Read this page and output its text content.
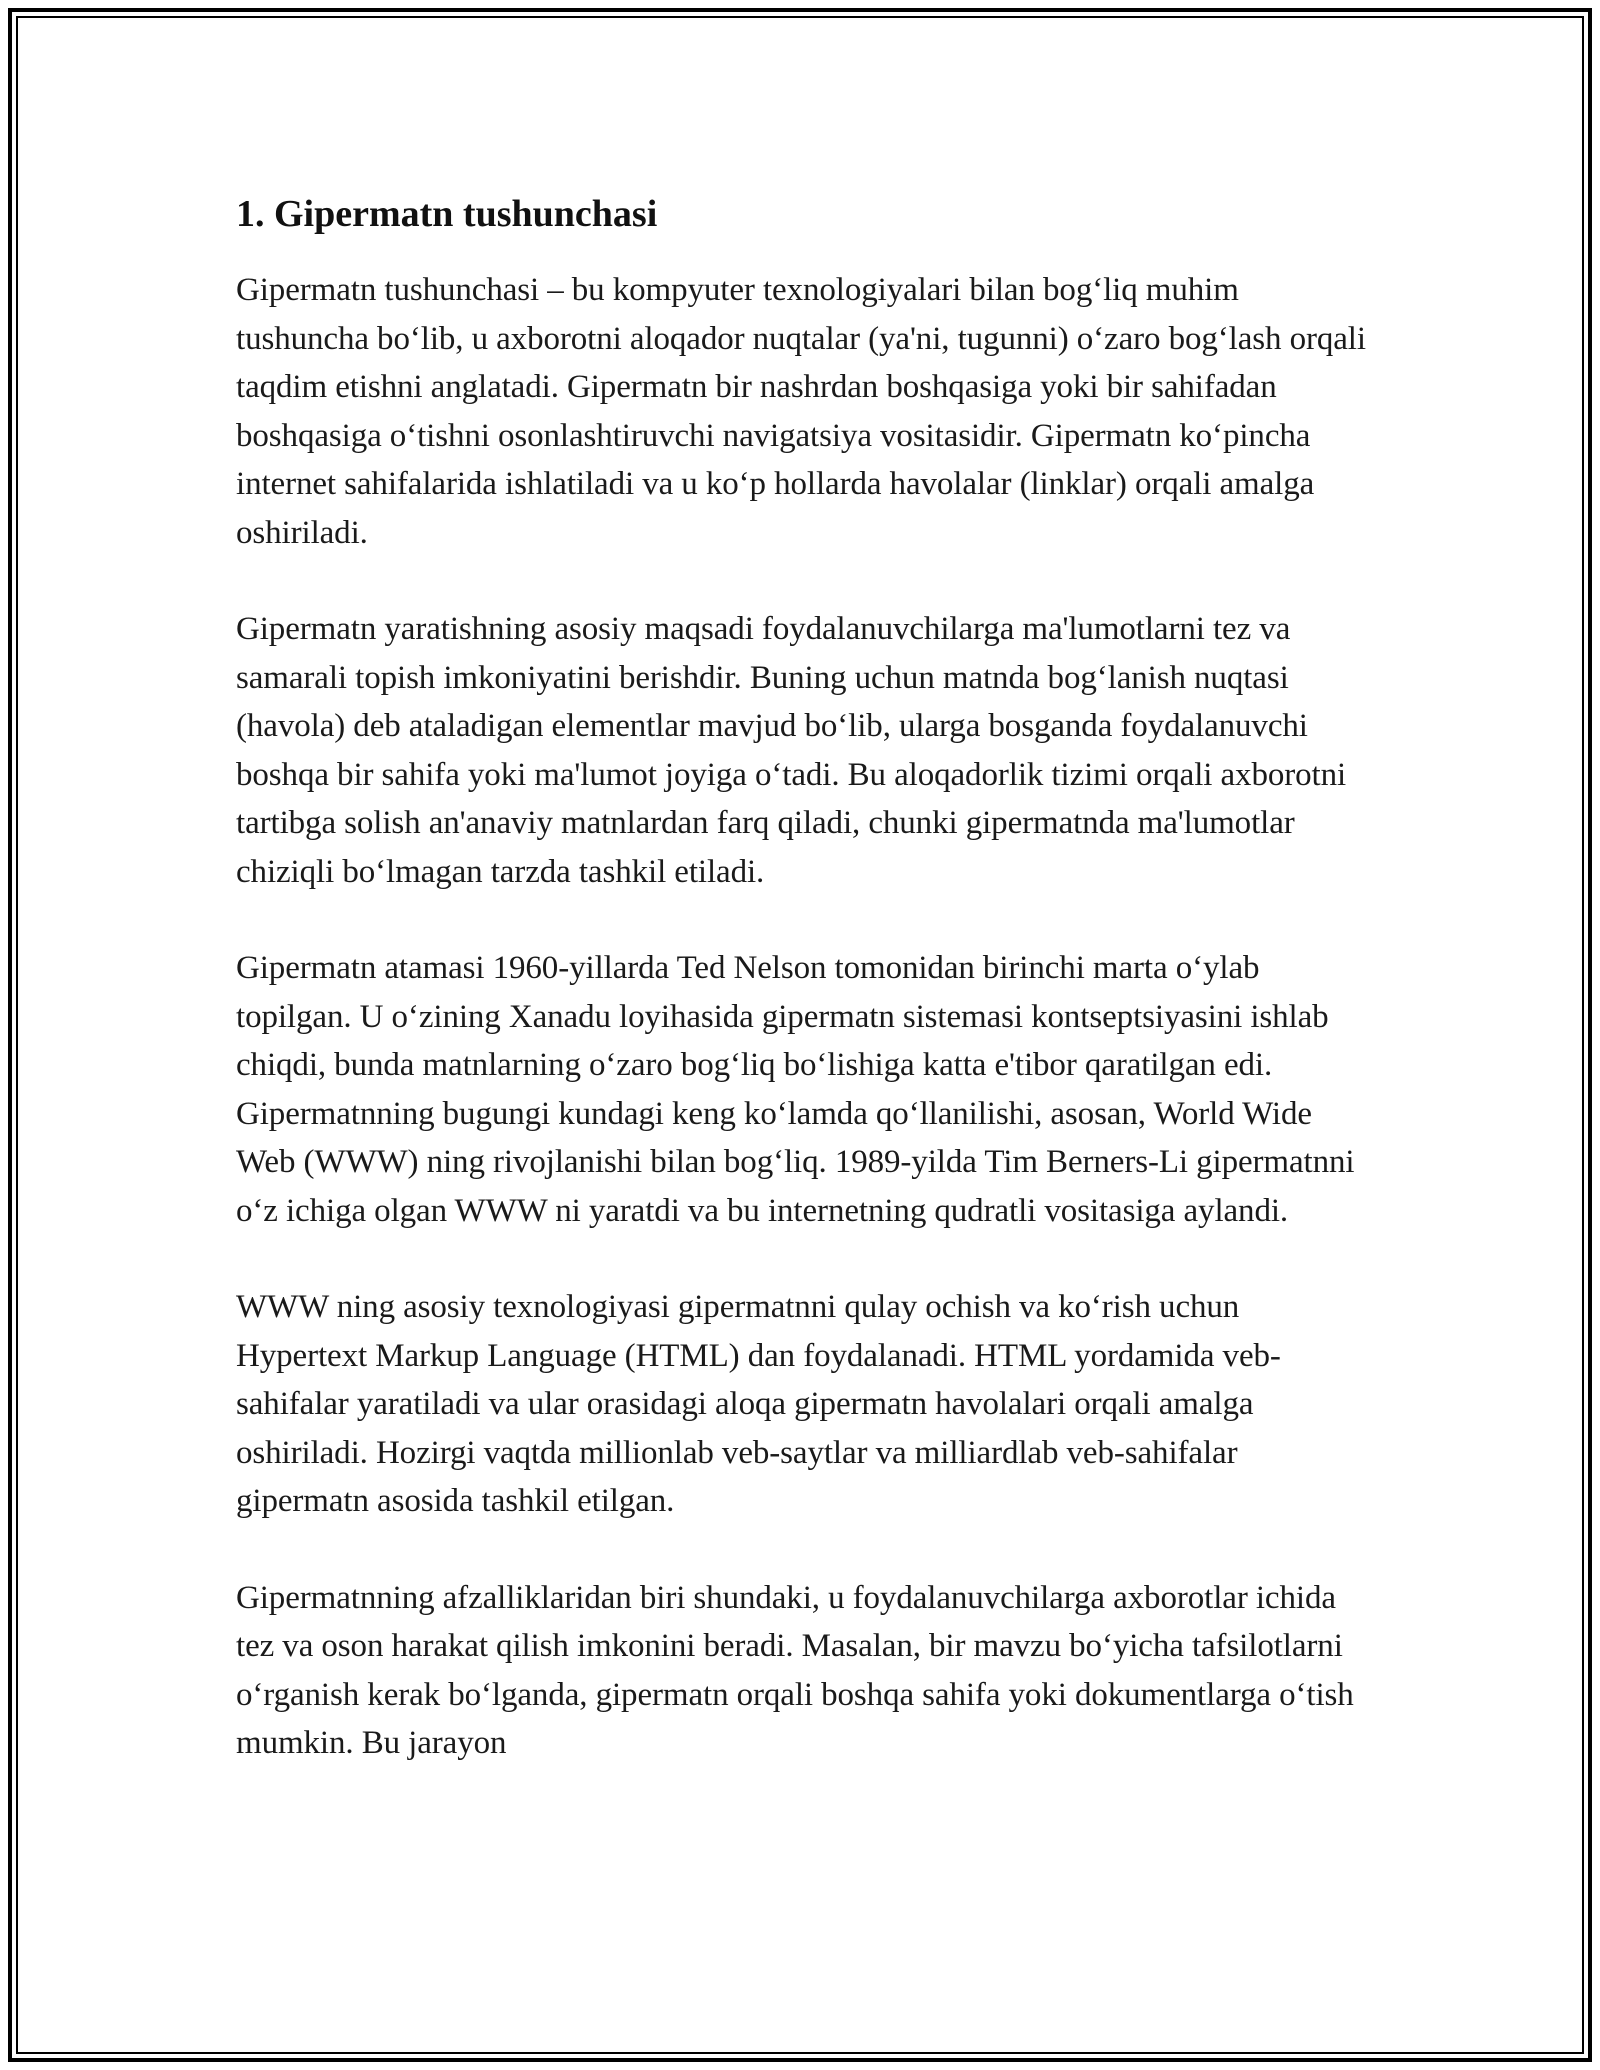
1. Gipermatn tushunchasi

Gipermatn tushunchasi – bu kompyuter texnologiyalari bilan bog‘liq muhim tushuncha bo‘lib, u axborotni aloqador nuqtalar (ya'ni, tugunni) o‘zaro bog‘lash orqali taqdim etishni anglatadi. Gipermatn bir nashrdan boshqasiga yoki bir sahifadan boshqasiga o‘tishni osonlashtiruvchi navigatsiya vositasidir. Gipermatn ko‘pincha internet sahifalarida ishlatiladi va u ko‘p hollarda havolalar (linklar) orqali amalga oshiriladi.

Gipermatn yaratishning asosiy maqsadi foydalanuvchilarga ma'lumotlarni tez va samarali topish imkoniyatini berishdir. Buning uchun matnda bog‘lanish nuqtasi (havola) deb ataladigan elementlar mavjud bo‘lib, ularga bosganda foydalanuvchi boshqa bir sahifa yoki ma'lumot joyiga o‘tadi. Bu aloqadorlik tizimi orqali axborotni tartibga solish an'anaviy matnlardan farq qiladi, chunki gipermatnda ma'lumotlar chiziqli bo‘lmagan tarzda tashkil etiladi.

Gipermatn atamasi 1960-yillarda Ted Nelson tomonidan birinchi marta o‘ylab topilgan. U o‘zining Xanadu loyihasida gipermatn sistemasi kontseptsiyasini ishlab chiqdi, bunda matnlarning o‘zaro bog‘liq bo‘lishiga katta e'tibor qaratilgan edi. Gipermatnning bugungi kundagi keng ko‘lamda qo‘llanilishi, asosan, World Wide Web (WWW) ning rivojlanishi bilan bog‘liq. 1989-yilda Tim Berners-Li gipermatnni o‘z ichiga olgan WWW ni yaratdi va bu internetning qudratli vositasiga aylandi.

WWW ning asosiy texnologiyasi gipermatnni qulay ochish va ko‘rish uchun Hypertext Markup Language (HTML) dan foydalanadi. HTML yordamida veb-sahifalar yaratiladi va ular orasidagi aloqa gipermatn havolalari orqali amalga oshiriladi. Hozirgi vaqtda millionlab veb-saytlar va milliardlab veb-sahifalar gipermatn asosida tashkil etilgan.

Gipermatnning afzalliklaridan biri shundaki, u foydalanuvchilarga axborotlar ichida tez va oson harakat qilish imkonini beradi. Masalan, bir mavzu bo‘yicha tafsilotlarni o‘rganish kerak bo‘lganda, gipermatn orqali boshqa sahifa yoki dokumentlarga o‘tish mumkin. Bu jarayon
